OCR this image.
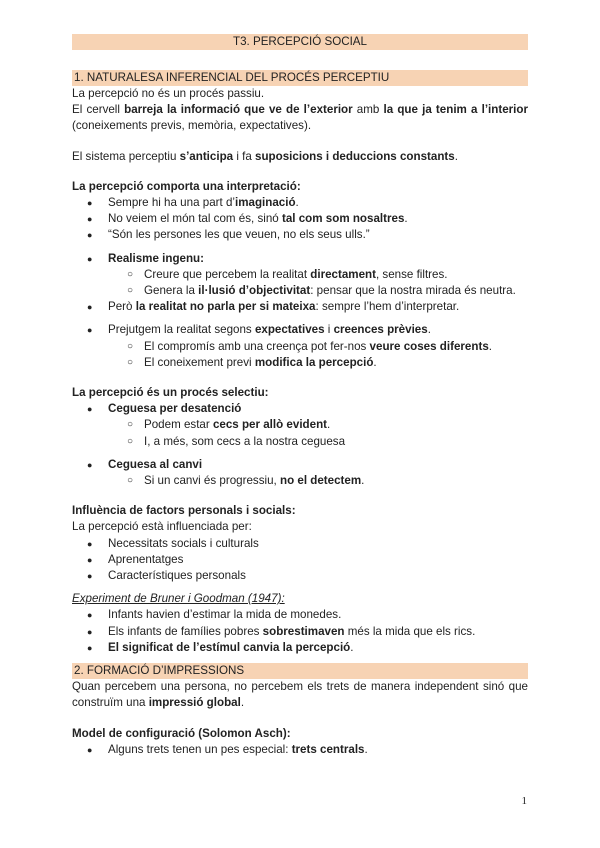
T3. PERCEPCIÓ SOCIAL
1. NATURALESA INFERENCIAL DEL PROCÉS PERCEPTIU

La percepció no és un procés passiu.

El cervell barreja la informació que ve de l’exterior amb la que ja tenim a l’interior (coneixements previs, memòria, expectatives).

El sistema perceptiu s’anticipa i fa suposicions i deduccions constants.

La percepció comporta una interpretació:

● Sempre hi ha una part d’imaginació.
● No veiem el món tal com és, sinó tal com som nosaltres.
● “Són les persones les que veuen, no els seus ulls.”
● Realisme ingenu:
○ Creure que percebem la realitat directament, sense filtres.
○ Genera la il·lusió d’objectivitat: pensar que la nostra mirada és neutra.
● Però la realitat no parla per si mateixa: sempre l’hem d’interpretar.
● Prejutgem la realitat segons expectatives i creences prèvies.
○ El compromís amb una creença pot fer-nos veure coses diferents.
○ El coneixement previ modifica la percepció.

La percepció és un procés selectiu:

● Ceguesa per desatenció
○ Podem estar cecs per allò evident.
○ I, a més, som cecs a la nostra ceguesa
● Ceguesa al canvi
○ Si un canvi és progressiu, no el detectem.

Influència de factors personals i socials:

La percepció està influenciada per:

● Necessitats socials i culturals
● Aprenentatges
● Característiques personals

Experiment de Bruner i Goodman (1947):

● Infants havien d’estimar la mida de monedes.
● Els infants de famílies pobres sobrestimaven més la mida que els rics.
● El significat de l’estímul canvia la percepció.
2. FORMACIÓ D’IMPRESSIONS

Quan percebem una persona, no percebem els trets de manera independent sinó que construïm una impressió global.

Model de configuració (Solomon Asch):

● Alguns trets tenen un pes especial: trets centrals.
1
